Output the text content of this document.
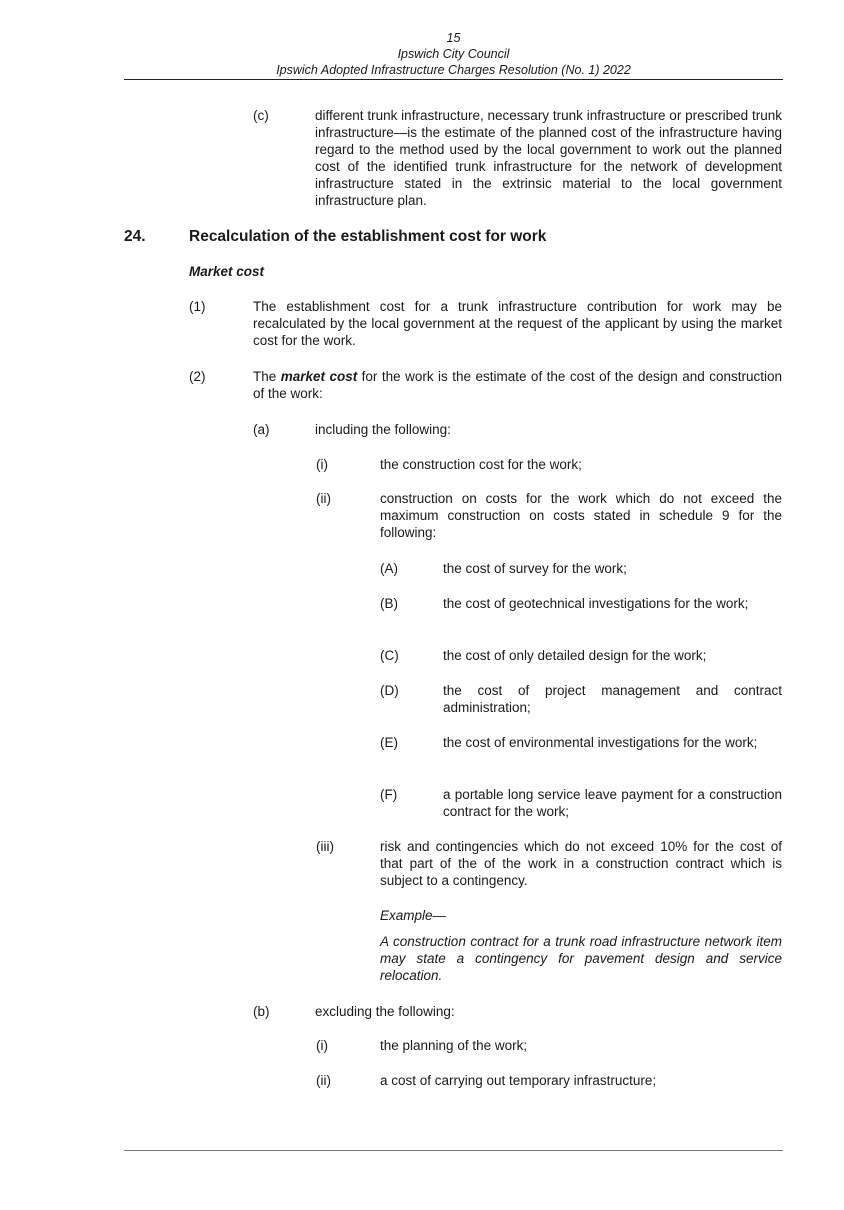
15
Ipswich City Council
Ipswich Adopted Infrastructure Charges Resolution (No. 1) 2022
(c)	different trunk infrastructure, necessary trunk infrastructure or prescribed trunk infrastructure—is the estimate of the planned cost of the infrastructure having regard to the method used by the local government to work out the planned cost of the identified trunk infrastructure for the network of development infrastructure stated in the extrinsic material to the local government infrastructure plan.
24.	Recalculation of the establishment cost for work
Market cost
(1)	The establishment cost for a trunk infrastructure contribution for work may be recalculated by the local government at the request of the applicant by using the market cost for the work.
(2)	The market cost for the work is the estimate of the cost of the design and construction of the work:
(a)	including the following:
(i)	the construction cost for the work;
(ii)	construction on costs for the work which do not exceed the maximum construction on costs stated in schedule 9 for the following:
(A)	the cost of survey for the work;
(B)	the cost of geotechnical investigations for the work;
(C)	the cost of only detailed design for the work;
(D)	the cost of project management and contract administration;
(E)	the cost of environmental investigations for the work;
(F)	a portable long service leave payment for a construction contract for the work;
(iii)	risk and contingencies which do not exceed 10% for the cost of that part of the of the work in a construction contract which is subject to a contingency.
Example—
A construction contract for a trunk road infrastructure network item may state a contingency for pavement design and service relocation.
(b)	excluding the following:
(i)	the planning of the work;
(ii)	a cost of carrying out temporary infrastructure;
